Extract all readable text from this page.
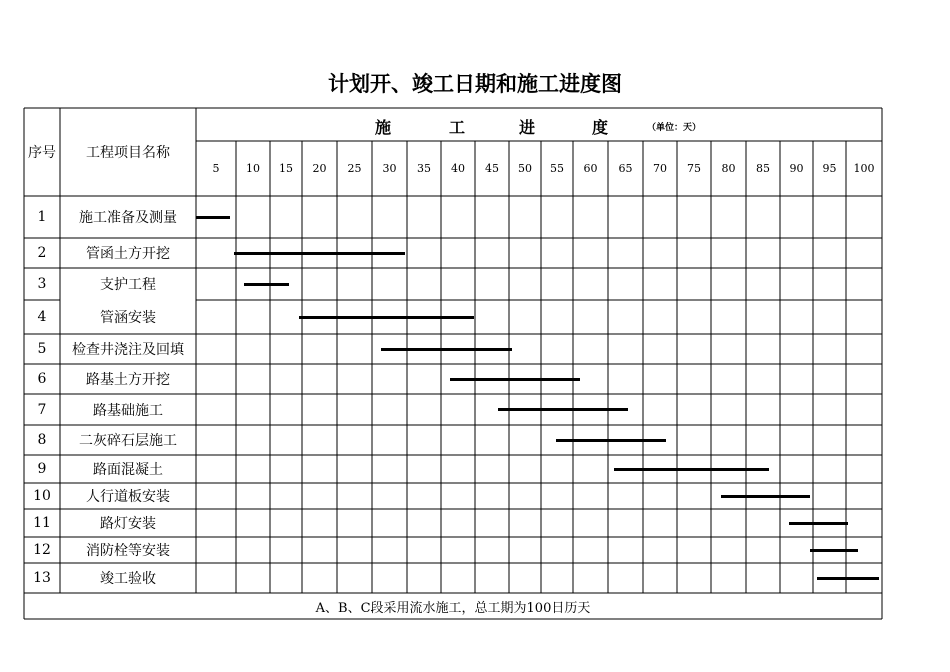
计划开、竣工日期和施工进度图
序号	工程项目名称
施	工	进	度	（单位：天）
5	10	15	20	25	30	35	40	45	50	55	60	65	70	75	80	85	90	95	100
1	施工准备及测量
2	管函土方开挖
3	支护工程
4	管涵安装
5	检查井浇注及回填
6	路基土方开挖
7	路基础施工
8	二灰碎石层施工
9	路面混凝土
10	人行道板安装
11	路灯安装
12	消防栓等安装
13	竣工验收
A、B、C段采用流水施工，总工期为100日历天
